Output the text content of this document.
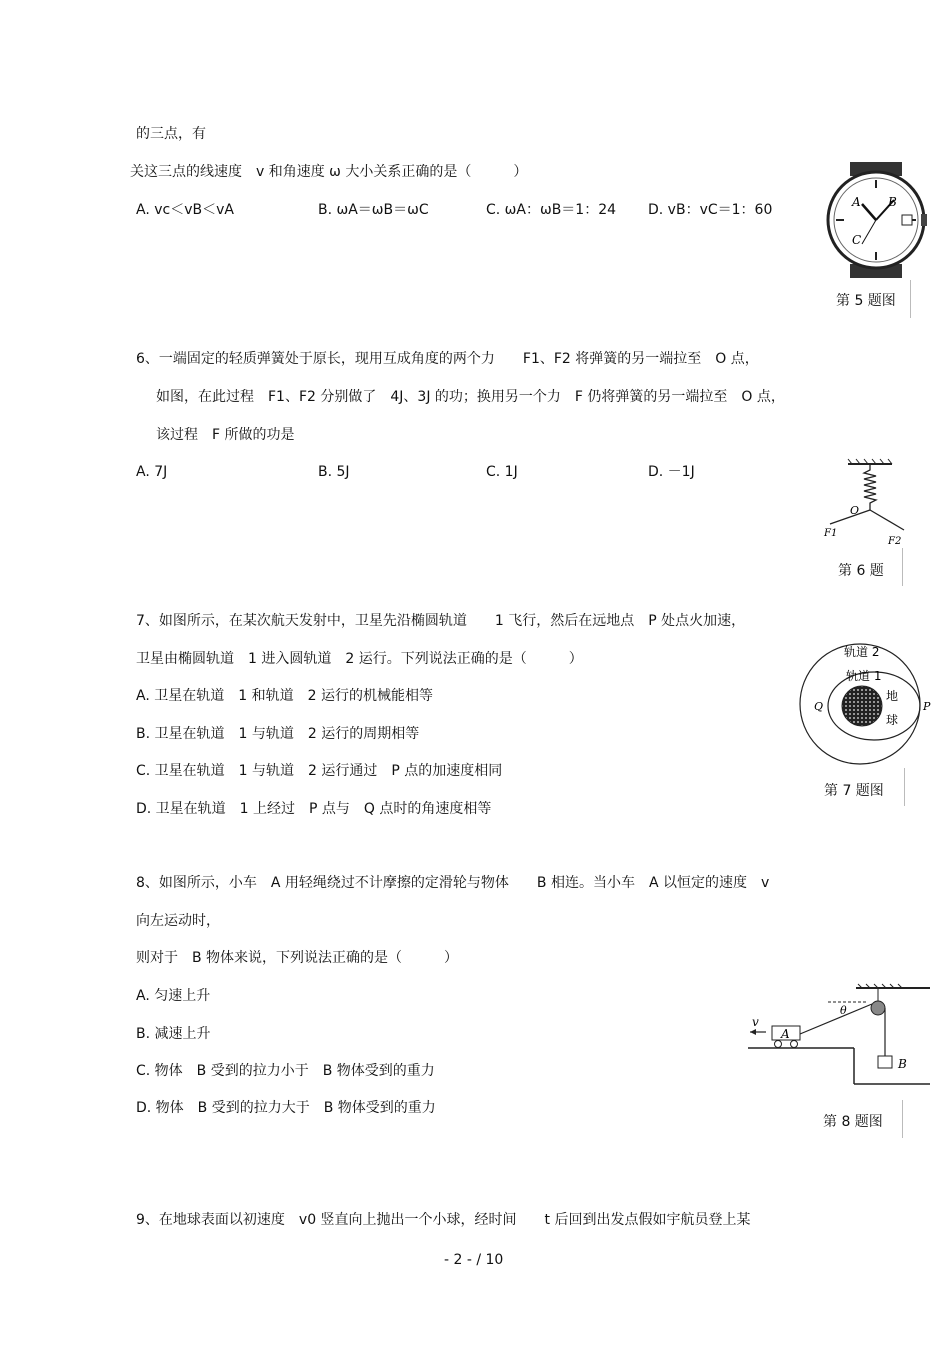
的三点，有
关这三点的线速度　v 和角速度 ω 大小关系正确的是（　　　）
A. vc＜vB＜vA	B. ωA＝ωB＝ωC	C. ωA：ωB＝1：24 D. vB：vC＝1：60	A B
C
第 5 题图
6、一端固定的轻质弹簧处于原长，现用互成角度的两个力　　F1、F2 将弹簧的另一端拉至　O 点，
如图，在此过程　F1、F2 分别做了　4J、3J 的功；换用另一个力　F 仍将弹簧的另一端拉至　O 点，
该过程　F 所做的功是
A. 7J	B. 5J	C. 1J	D. －1J
O
F1
F2
第 6 题
7、如图所示，在某次航天发射中，卫星先沿椭圆轨道　　1 飞行，然后在远地点　P 处点火加速，
卫星由椭圆轨道　1 进入圆轨道　2 运行。下列说法正确的是（　　　）
A. 卫星在轨道　1 和轨道　2 运行的机械能相等
B. 卫星在轨道　1 与轨道　2 运行的周期相等
C. 卫星在轨道　1 与轨道　2 运行通过　P 点的加速度相同
D. 卫星在轨道　1 上经过　P 点与　Q 点时的角速度相等
轨道 2
轨道 1
地
球
Q	P
第 7 题图
8、如图所示，小车　A 用轻绳绕过不计摩擦的定滑轮与物体　　B 相连。当小车　A 以恒定的速度　v
向左运动时，
则对于　B 物体来说，下列说法正确的是（　　　）
A. 匀速上升
B. 减速上升
C. 物体　B 受到的拉力小于　B 物体受到的重力
D. 物体　B 受到的拉力大于　B 物体受到的重力
v
A
θ
B
第 8 题图
9、在地球表面以初速度　v0 竖直向上抛出一个小球，经时间　　t 后回到出发点假如宇航员登上某
- 2 - / 10
